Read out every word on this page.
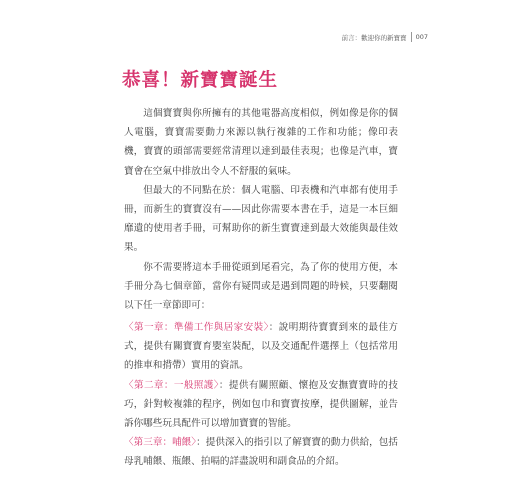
前言：歡迎你的新寶寶 007
恭喜！新寶寶誕生

這個寶寶與你所擁有的其他電器高度相似，例如像是你的個人電腦，寶寶需要動力來源以執行複雜的工作和功能；像印表機，寶寶的頭部需要經常清理以達到最佳表現；也像是汽車，寶寶會在空氣中排放出令人不舒服的氣味。

但最大的不同點在於：個人電腦、印表機和汽車都有使用手冊，而新生的寶寶沒有——因此你需要本書在手，這是一本巨細靡遺的使用者手冊，可幫助你的新生寶寶達到最大效能與最佳效果。

你不需要將這本手冊從頭到尾看完，為了你的使用方便，本手冊分為七個章節，當你有疑問或是遇到問題的時候，只要翻閱以下任一章節即可：

〈第一章：準備工作與居家安裝〉：說明期待寶寶到來的最佳方式，提供有關寶寶育嬰室裝配，以及交通配件選擇上（包括常用的推車和揹帶）實用的資訊。

〈第二章：一般照護〉：提供有關照顧、懷抱及安撫寶寶時的技巧，針對較複雜的程序，例如包巾和寶寶按摩，提供圖解，並告訴你哪些玩具配件可以增加寶寶的智能。

〈第三章：哺餵〉：提供深入的指引以了解寶寶的動力供給，包括母乳哺餵、瓶餵、拍嗝的詳盡說明和副食品的介紹。
